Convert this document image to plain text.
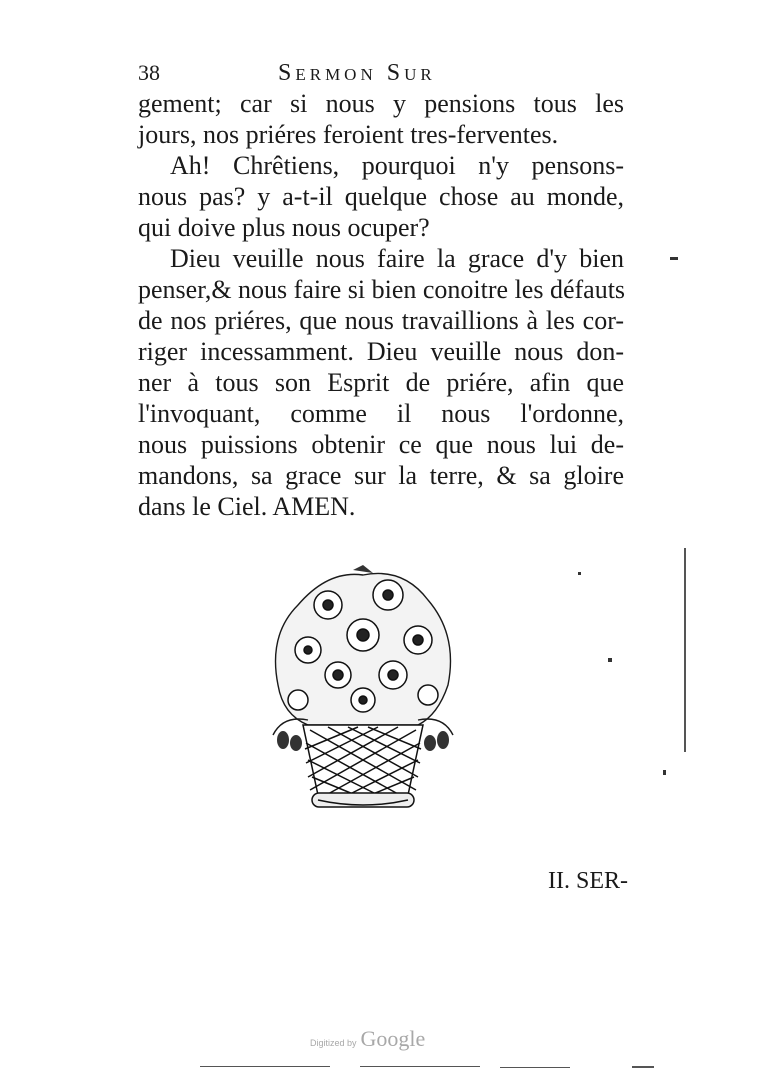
38	Sermon Sur
gement; car si nous y pensions tous les
jours, nos priéres feroient tres-ferventes.
Ah! Chrêtiens, pourquoi n'y pensons-
nous pas? y a-t-il quelque chose au monde,
qui doive plus nous ocuper?
Dieu veuille nous faire la grace d'y bien
penser,& nous faire si bien conoitre les défauts
de nos priéres, que nous travaillions à les cor-
riger incessamment. Dieu veuille nous don-
ner à tous son Esprit de priére, afin que
l'invoquant, comme il nous l'ordonne,
nous puissions obtenir ce que nous lui de-
mandons, sa grace sur la terre, & sa gloire
dans le Ciel. AMEN.
II. SER-
Digitized by Google
